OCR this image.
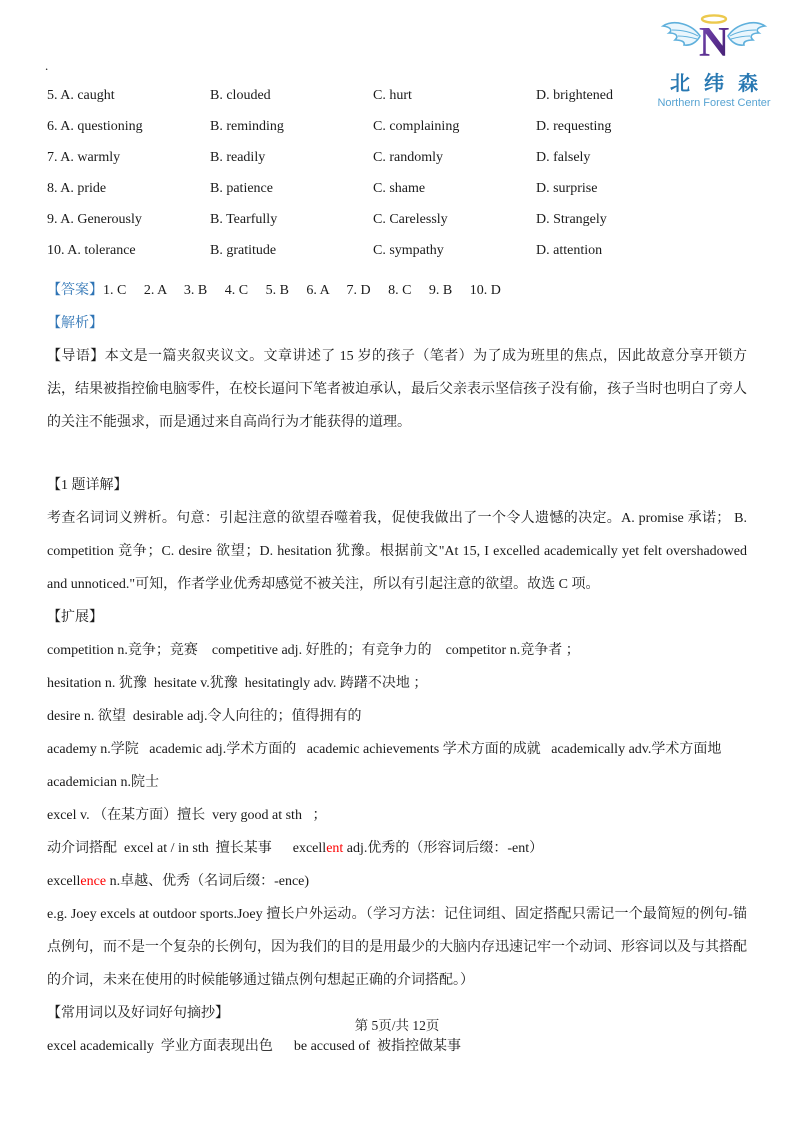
.	N
北纬森
Northern Forest Center
5. A. caught	B. clouded	C. hurt	D. brightened
6. A. questioning	B. reminding	C. complaining	D. requesting
7. A. warmly	B. readily	C. randomly	D. falsely
8. A. pride	B. patience	C. shame	D. surprise
9. A. Generously	B. Tearfully	C. Carelessly	D. Strangely
10. A. tolerance	B. gratitude	C. sympathy	D. attention
【答案】1. C     2. A     3. B     4. C     5. B     6. A     7. D     8. C     9. B     10. D
【解析】
【导语】本文是一篇夹叙夹议文。文章讲述了 15 岁的孩子（笔者）为了成为班里的焦点，因此故意分享开锁方法，结果被指控偷电脑零件，在校长逼问下笔者被迫承认，最后父亲表示坚信孩子没有偷，孩子当时也明白了旁人的关注不能强求，而是通过来自高尚行为才能获得的道理。
【1 题详解】
考查名词词义辨析。句意：引起注意的欲望吞噬着我，促使我做出了一个令人遗憾的决定。A. promise 承诺； B. competition 竞争；C. desire 欲望；D. hesitation 犹豫。根据前文"At 15, I excelled academically yet felt overshadowed and unnoticed."可知，作者学业优秀却感觉不被关注，所以有引起注意的欲望。故选 C 项。
【扩展】
competition n.竞争；竞赛    competitive adj. 好胜的；有竞争力的    competitor n.竞争者 ；
hesitation n. 犹豫  hesitate v.犹豫  hesitatingly adv. 踌躇不决地 ；
desire n. 欲望  desirable adj.令人向往的；值得拥有的
academy n.学院   academic adj.学术方面的   academic achievements 学术方面的成就   academically adv.学术方面地
academician n.院士
excel v. （在某方面）擅长  very good at sth   ；
动介词搭配  excel at / in sth  擅长某事      excellent adj.优秀的（形容词后缀：-ent）
excellence n.卓越、优秀（名词后缀：-ence)
e.g. Joey excels at outdoor sports.Joey 擅长户外运动。（学习方法：记住词组、固定搭配只需记一个最简短的例句-锚点例句，而不是一个复杂的长例句，因为我们的目的是用最少的大脑内存迅速记牢一个动词、形容词以及与其搭配的介词，未来在使用的时候能够通过锚点例句想起正确的介词搭配。）
【常用词以及好词好句摘抄】
excel academically  学业方面表现出色      be accused of  被指控做某事
第 5页/共 12页
